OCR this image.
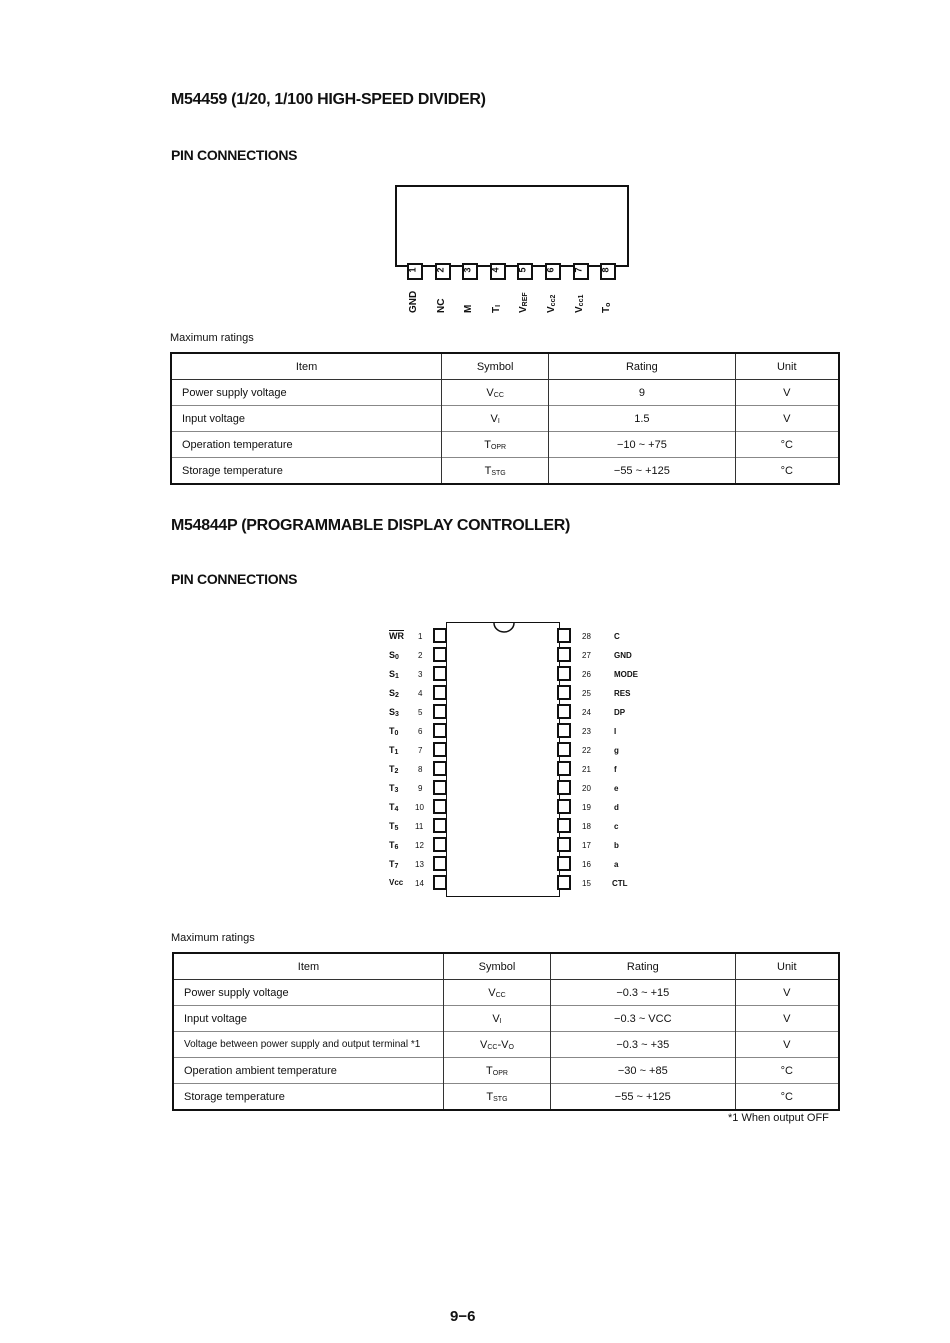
M54459 (1/20, 1/100 HIGH-SPEED DIVIDER)
PIN CONNECTIONS
1
GND
2
NC
3
M
4
$T_I$
5
$V_{REF}$
6
$V_{cc2}$
7
$V_{cc1}$
8
$T_o$
Maximum ratings
Item	Symbol	Rating	Unit
Power supply voltage	$V_{CC}$	9	V
Input voltage	$V_I$	1.5	V
Operation temperature	$T_{OPR}$	−10 ~ +75	°C
Storage temperature	$T_{STG}$	−55 ~ +125	°C
M54844P (PROGRAMMABLE DISPLAY CONTROLLER)
PIN CONNECTIONS
1
WR
2
$S_0$
3
$S_1$
4
$S_2$
5
$S_3$
6
$T_0$
7
$T_1$
8
$T_2$
9
$T_3$
10
$T_4$
11
$T_5$
12
$T_6$
13
$T_7$
14
Vcc
28	C
27	GND
26	MODE
25	RES
24	DP
23	I
22	g
21	f
20	e
19	d
18	c
17	b
16	a
15	CTL
Maximum ratings
Item	Symbol	Rating	Unit
Power supply voltage	$V_{CC}$	−0.3 ~ +15	V
Input voltage	$V_I$	−0.3 ~ VCC	V
Voltage between power supply and output terminal *1	$V_{CC}-V_O$	−0.3 ~ +35	V
Operation ambient temperature	$T_{OPR}$	−30 ~ +85	°C
Storage temperature	$T_{STG}$	−55 ~ +125	°C
*1 When output OFF
9−6
